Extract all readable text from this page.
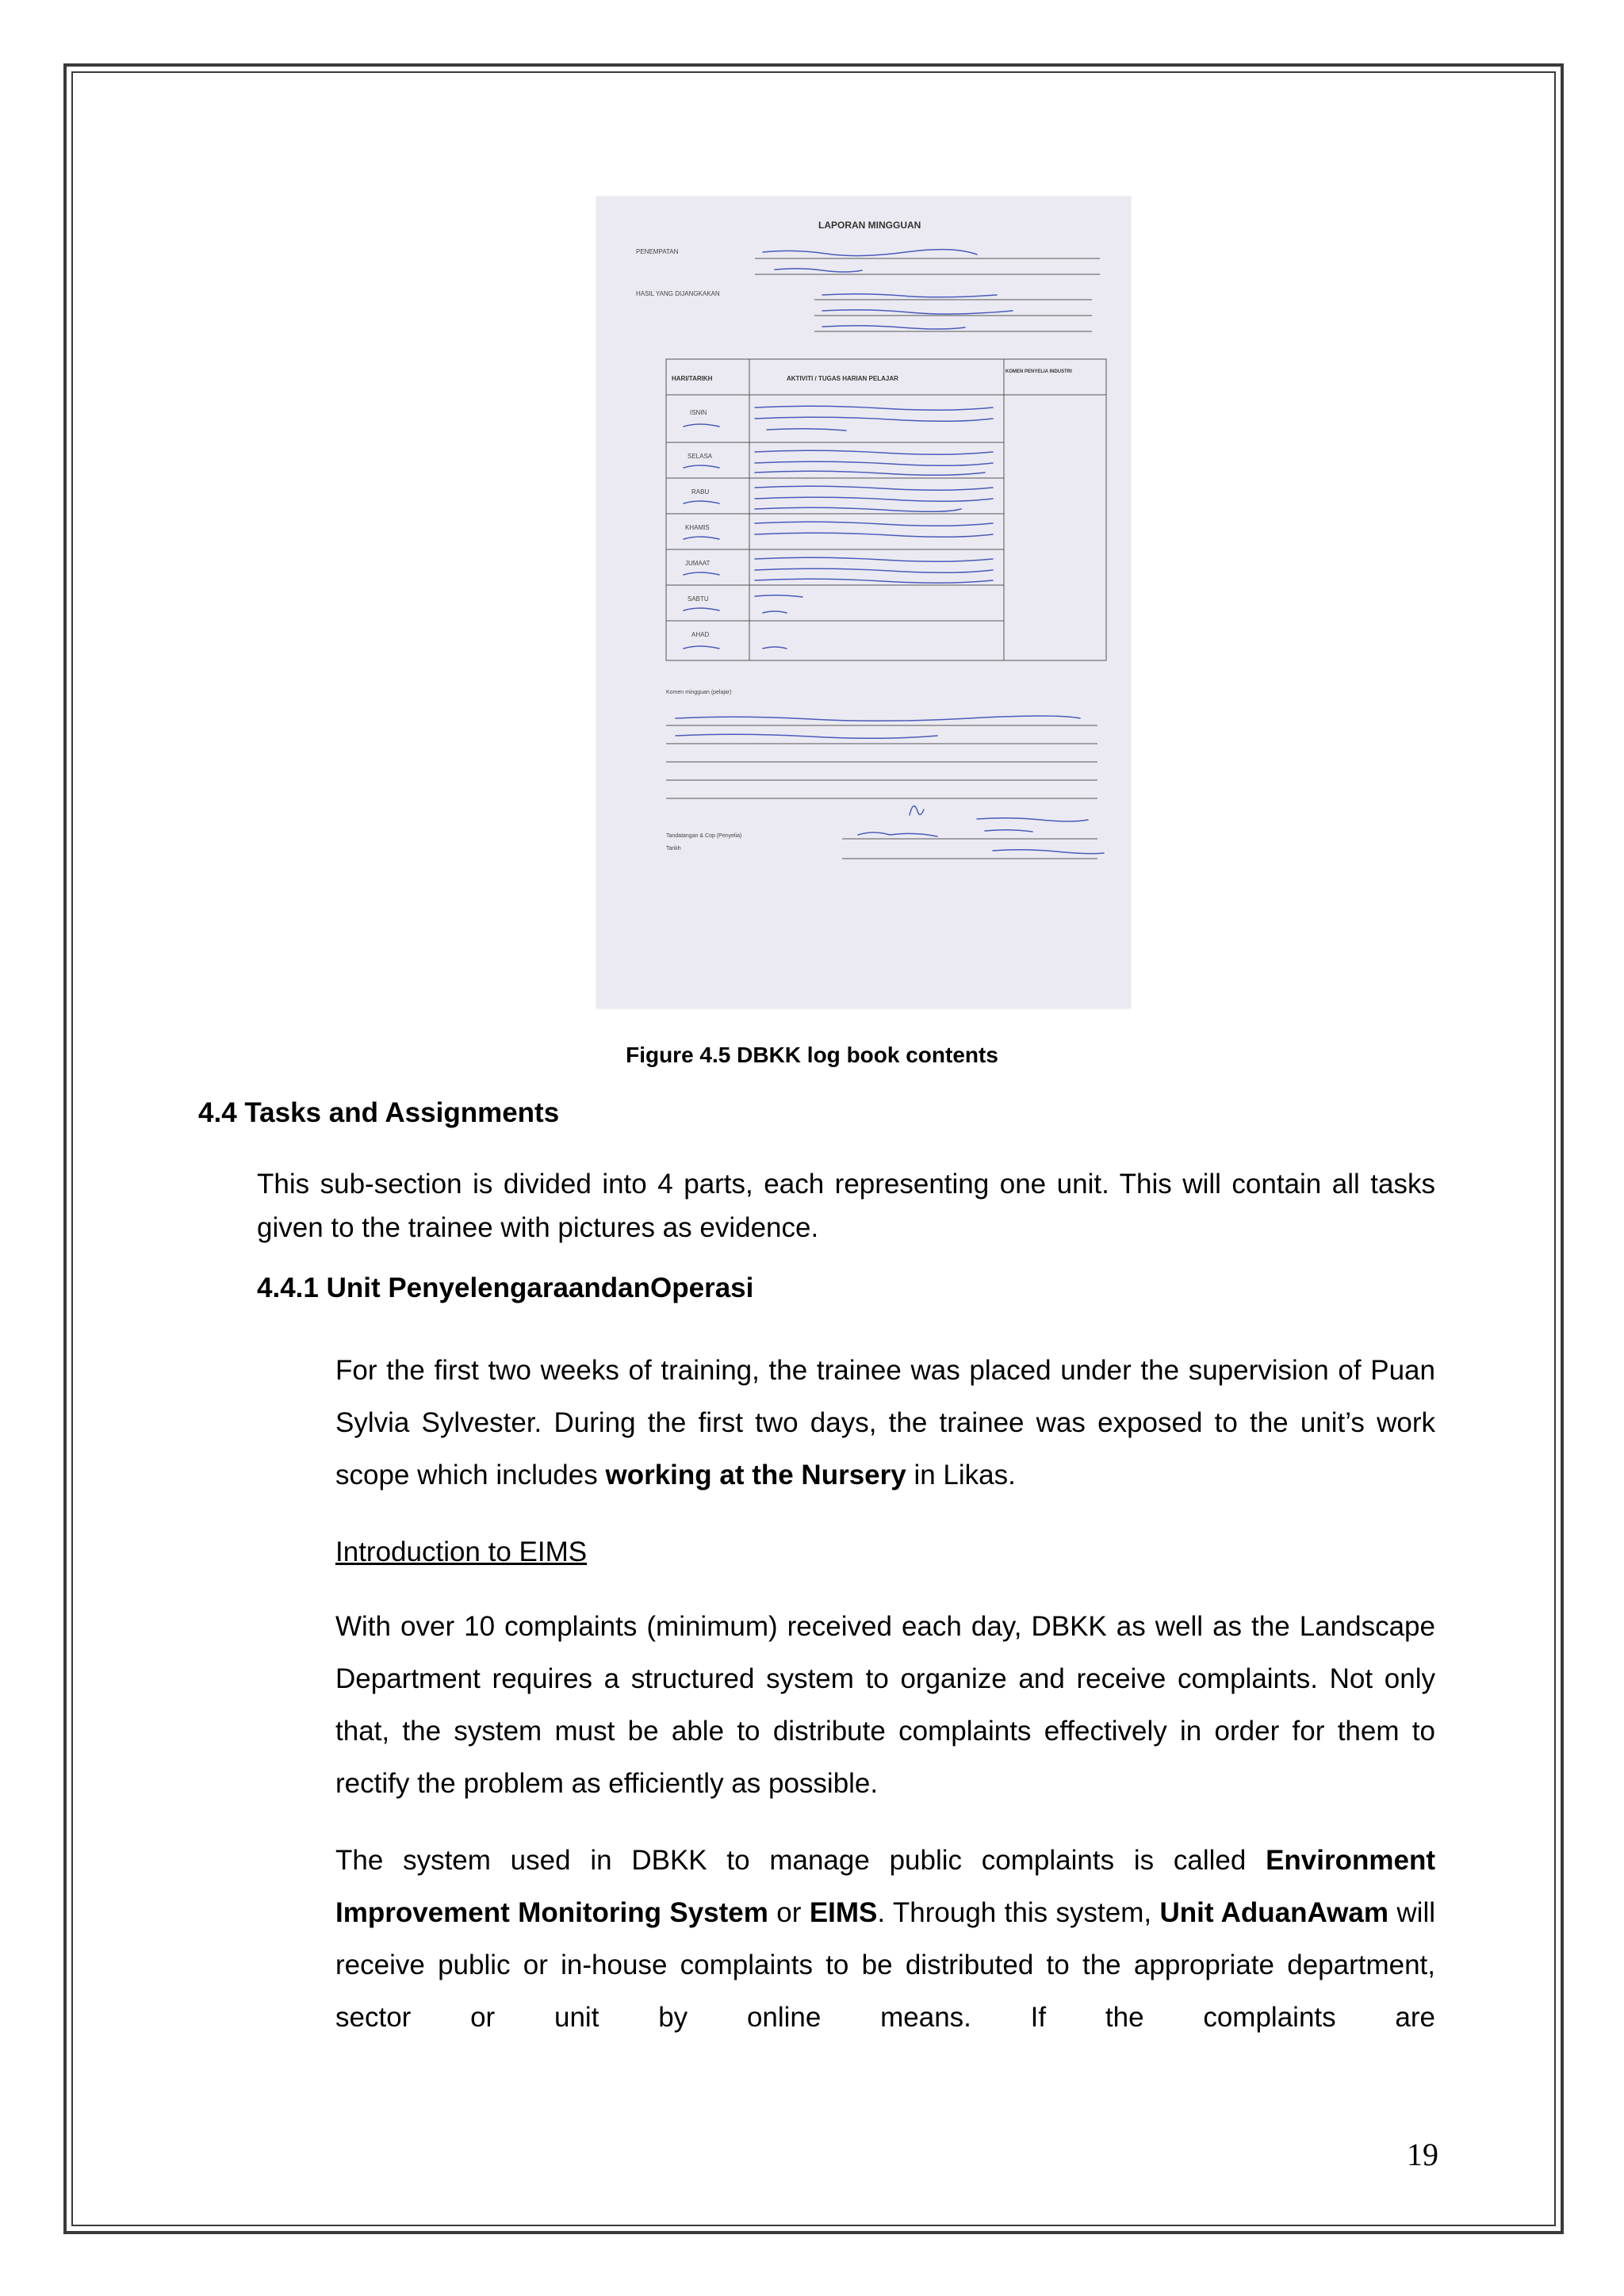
LAPORAN MINGGUAN
PENEMPATAN
HASIL YANG DIJANGKAKAN
HARI/TARIKH	AKTIVITI / TUGAS HARIAN PELAJAR
KOMEN PENYELIA INDUSTRI
ISNIN
SELASA
RABU
KHAMIS
JUMAAT
SABTU
AHAD
Komen mingguan (pelajar)
Tandatangan & Cop (Penyelia)
Tarikh
Figure 4.5 DBKK log book contents
4.4 Tasks and Assignments

This sub-section is divided into 4 parts, each representing one unit. This will contain all tasks given to the trainee with pictures as evidence.

4.4.1 Unit PenyelengaraandanOperasi

For the first two weeks of training, the trainee was placed under the supervision of Puan Sylvia Sylvester. During the first two days, the trainee was exposed to the unit’s work scope which includes working at the Nursery in Likas.

Introduction to EIMS

With over 10 complaints (minimum) received each day, DBKK as well as the Landscape Department requires a structured system to organize and receive complaints. Not only that, the system must be able to distribute complaints effectively in order for them to rectify the problem as efficiently as possible.

The system used in DBKK to manage public complaints is called Environment Improvement Monitoring System or EIMS. Through this system, Unit AduanAwam will receive public or in-house complaints to be distributed to the appropriate department, sector or unit by online means. If the complaints are

19
